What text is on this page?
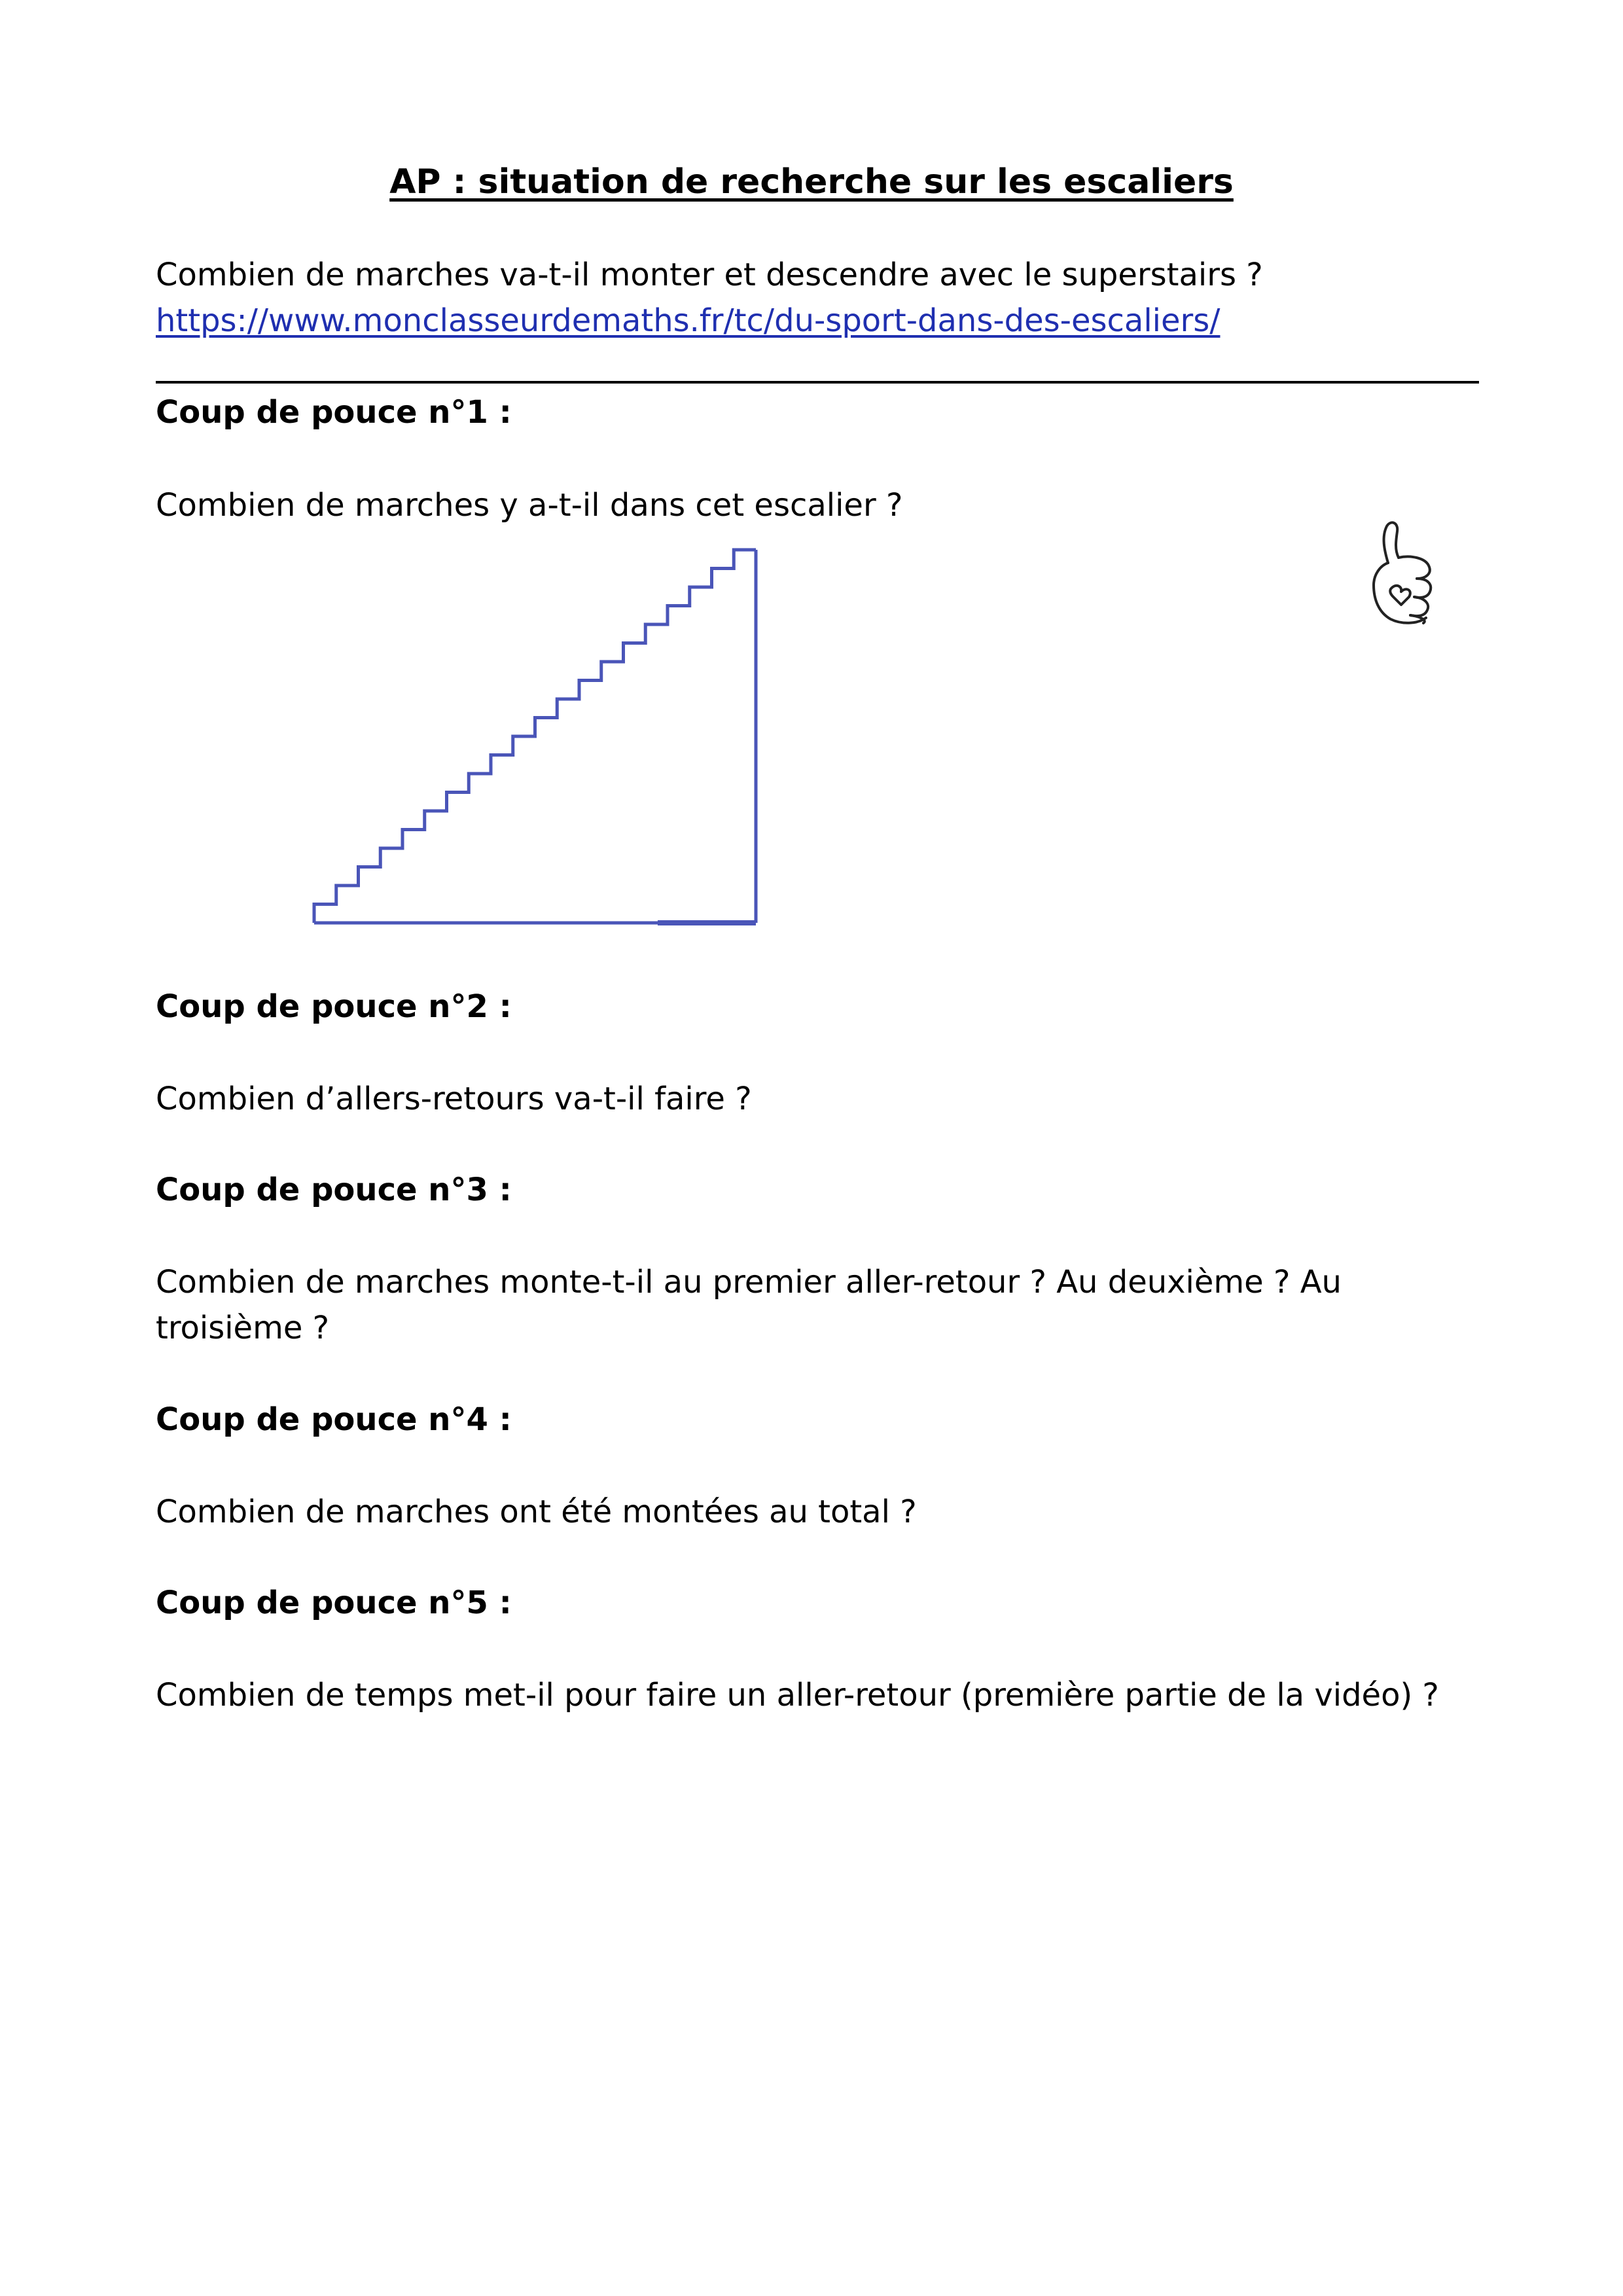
AP : situation de recherche sur les escaliers
Combien de marches va-t-il monter et descendre avec le superstairs ?
https://www.monclasseurdemaths.fr/tc/du-sport-dans-des-escaliers/
Coup de pouce n°1 :
Combien de marches y a-t-il dans cet escalier ?
Coup de pouce n°2 :
Combien d’allers-retours va-t-il faire ?
Coup de pouce n°3 :
Combien de marches monte-t-il au premier aller-retour ? Au deuxième ? Au
troisième ?
Coup de pouce n°4 :
Combien de marches ont été montées au total ?
Coup de pouce n°5 :
Combien de temps met-il pour faire un aller-retour (première partie de la vidéo) ?
